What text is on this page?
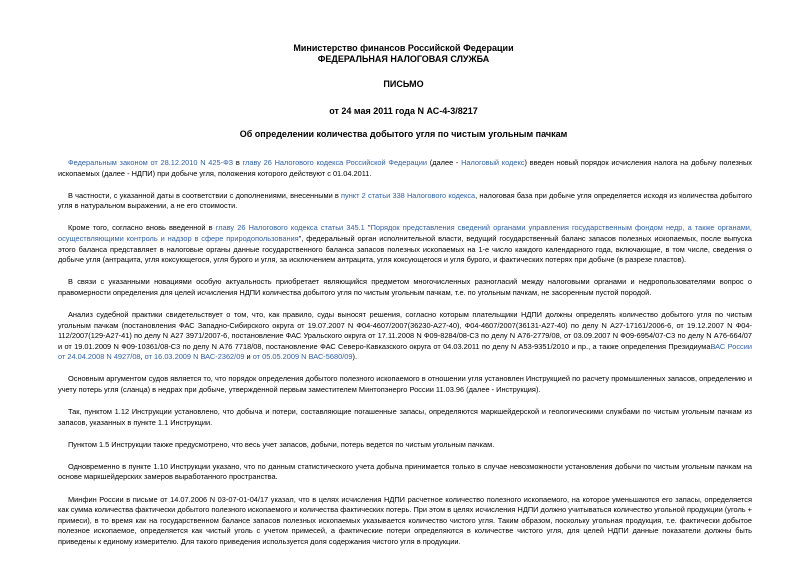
Министерство финансов Российской Федерации
ФЕДЕРАЛЬНАЯ НАЛОГОВАЯ СЛУЖБА
ПИСЬМО
от 24 мая 2011 года N АС-4-3/8217
Об определении количества добытого угля по чистым угольным пачкам

Федеральным законом от 28.12.2010 N 425-ФЗ в главу 26 Налогового кодекса Российской Федерации (далее - Налоговый кодекс) введен новый порядок исчисления налога на добычу полезных ископаемых (далее - НДПИ) при добыче угля, положения которого действуют с 01.04.2011.

В частности, с указанной даты в соответствии с дополнениями, внесенными в пункт 2 статьи 338 Налогового кодекса, налоговая база при добыче угля определяется исходя из количества добытого угля в натуральном выражении, а не его стоимости.

Кроме того, согласно вновь введенной в главу 26 Налогового кодекса статьи 345.1 "Порядок представления сведений органами управления государственным фондом недр, а также органами, осуществляющими контроль и надзор в сфере природопользования", федеральный орган исполнительной власти, ведущий государственный баланс запасов полезных ископаемых, после выпуска этого баланса представляет в налоговые органы данные государственного баланса запасов полезных ископаемых на 1-е число каждого календарного года, включающие, в том числе, сведения о добыче угля (антрацита, угля коксующегося, угля бурого и угля, за исключением антрацита, угля коксующегося и угля бурого, и фактических потерях при добыче (в разрезе пластов).

В связи с указанными новациями особую актуальность приобретает являющийся предметом многочисленных разногласий между налоговыми органами и недропользователями вопрос о правомерности определения для целей исчисления НДПИ количества добытого угля по чистым угольным пачкам, т.е. по угольным пачкам, не засоренным пустой породой.

Анализ судебной практики свидетельствует о том, что, как правило, суды выносят решения, согласно которым плательщики НДПИ должны определять количество добытого угля по чистым угольным пачкам (постановления ФАС Западно-Сибирского округа от 19.07.2007 N Ф04-4607/2007(36230-А27-40), Ф04-4607/2007(36131-А27-40) по делу N А27-17161/2006-6, от 19.12.2007 N Ф04-112/2007(129-А27-41) по делу N А27 3971/2007-6, постановление ФАС Уральского округа от 17.11.2008 N Ф09-8284/08-С3 по делу N А76-2779/08, от 03.09.2007 N Ф09-6954/07-С3 по делу N А76-664/07 и от 19.01.2009 N Ф09-10361/08-С3 по делу N А76 7718/08, постановление ФАС Северо-Кавказского округа от 04.03.2011 по делу N А53-9351/2010 и пр., а также определения ПрезидиумаВАС России от 24.04.2008 N 4927/08, от 16.03.2009 N ВАС-2362/09 и от 05.05.2009 N ВАС-5680/09).

Основным аргументом судов является то, что порядок определения добытого полезного ископаемого в отношении угля установлен Инструкцией по расчету промышленных запасов, определению и учету потерь угля (сланца) в недрах при добыче, утвержденной первым заместителем Минтопэнерго России 11.03.96 (далее - Инструкция).

Так, пунктом 1.12 Инструкции установлено, что добыча и потери, составляющие погашенные запасы, определяются маркшейдерской и геологическими службами по чистым угольным пачкам из запасов, указанных в пункте 1.1 Инструкции.

Пунктом 1.5 Инструкции также предусмотрено, что весь учет запасов, добычи, потерь ведется по чистым угольным пачкам.

Одновременно в пункте 1.10 Инструкции указано, что по данным статистического учета добыча принимается только в случае невозможности установления добычи по чистым угольным пачкам на основе маркшейдерских замеров выработанного пространства.

Минфин России в письме от 14.07.2006 N 03-07-01-04/17 указал, что в целях исчисления НДПИ расчетное количество полезного ископаемого, на которое уменьшаются его запасы, определяется как сумма количества фактически добытого полезного ископаемого и количества фактических потерь. При этом в целях исчисления НДПИ должно учитываться количество угольной продукции (уголь + примеси), в то время как на государственном балансе запасов полезных ископаемых указывается количество чистого угля. Таким образом, поскольку угольная продукция, т.е. фактически добытое полезное ископаемое, определяется как чистый уголь с учетом примесей, а фактические потери определяются в количестве чистого угля, для целей НДПИ данные показатели должны быть приведены к единому измерителю. Для такого приведения используется доля содержания чистого угля в продукции.
